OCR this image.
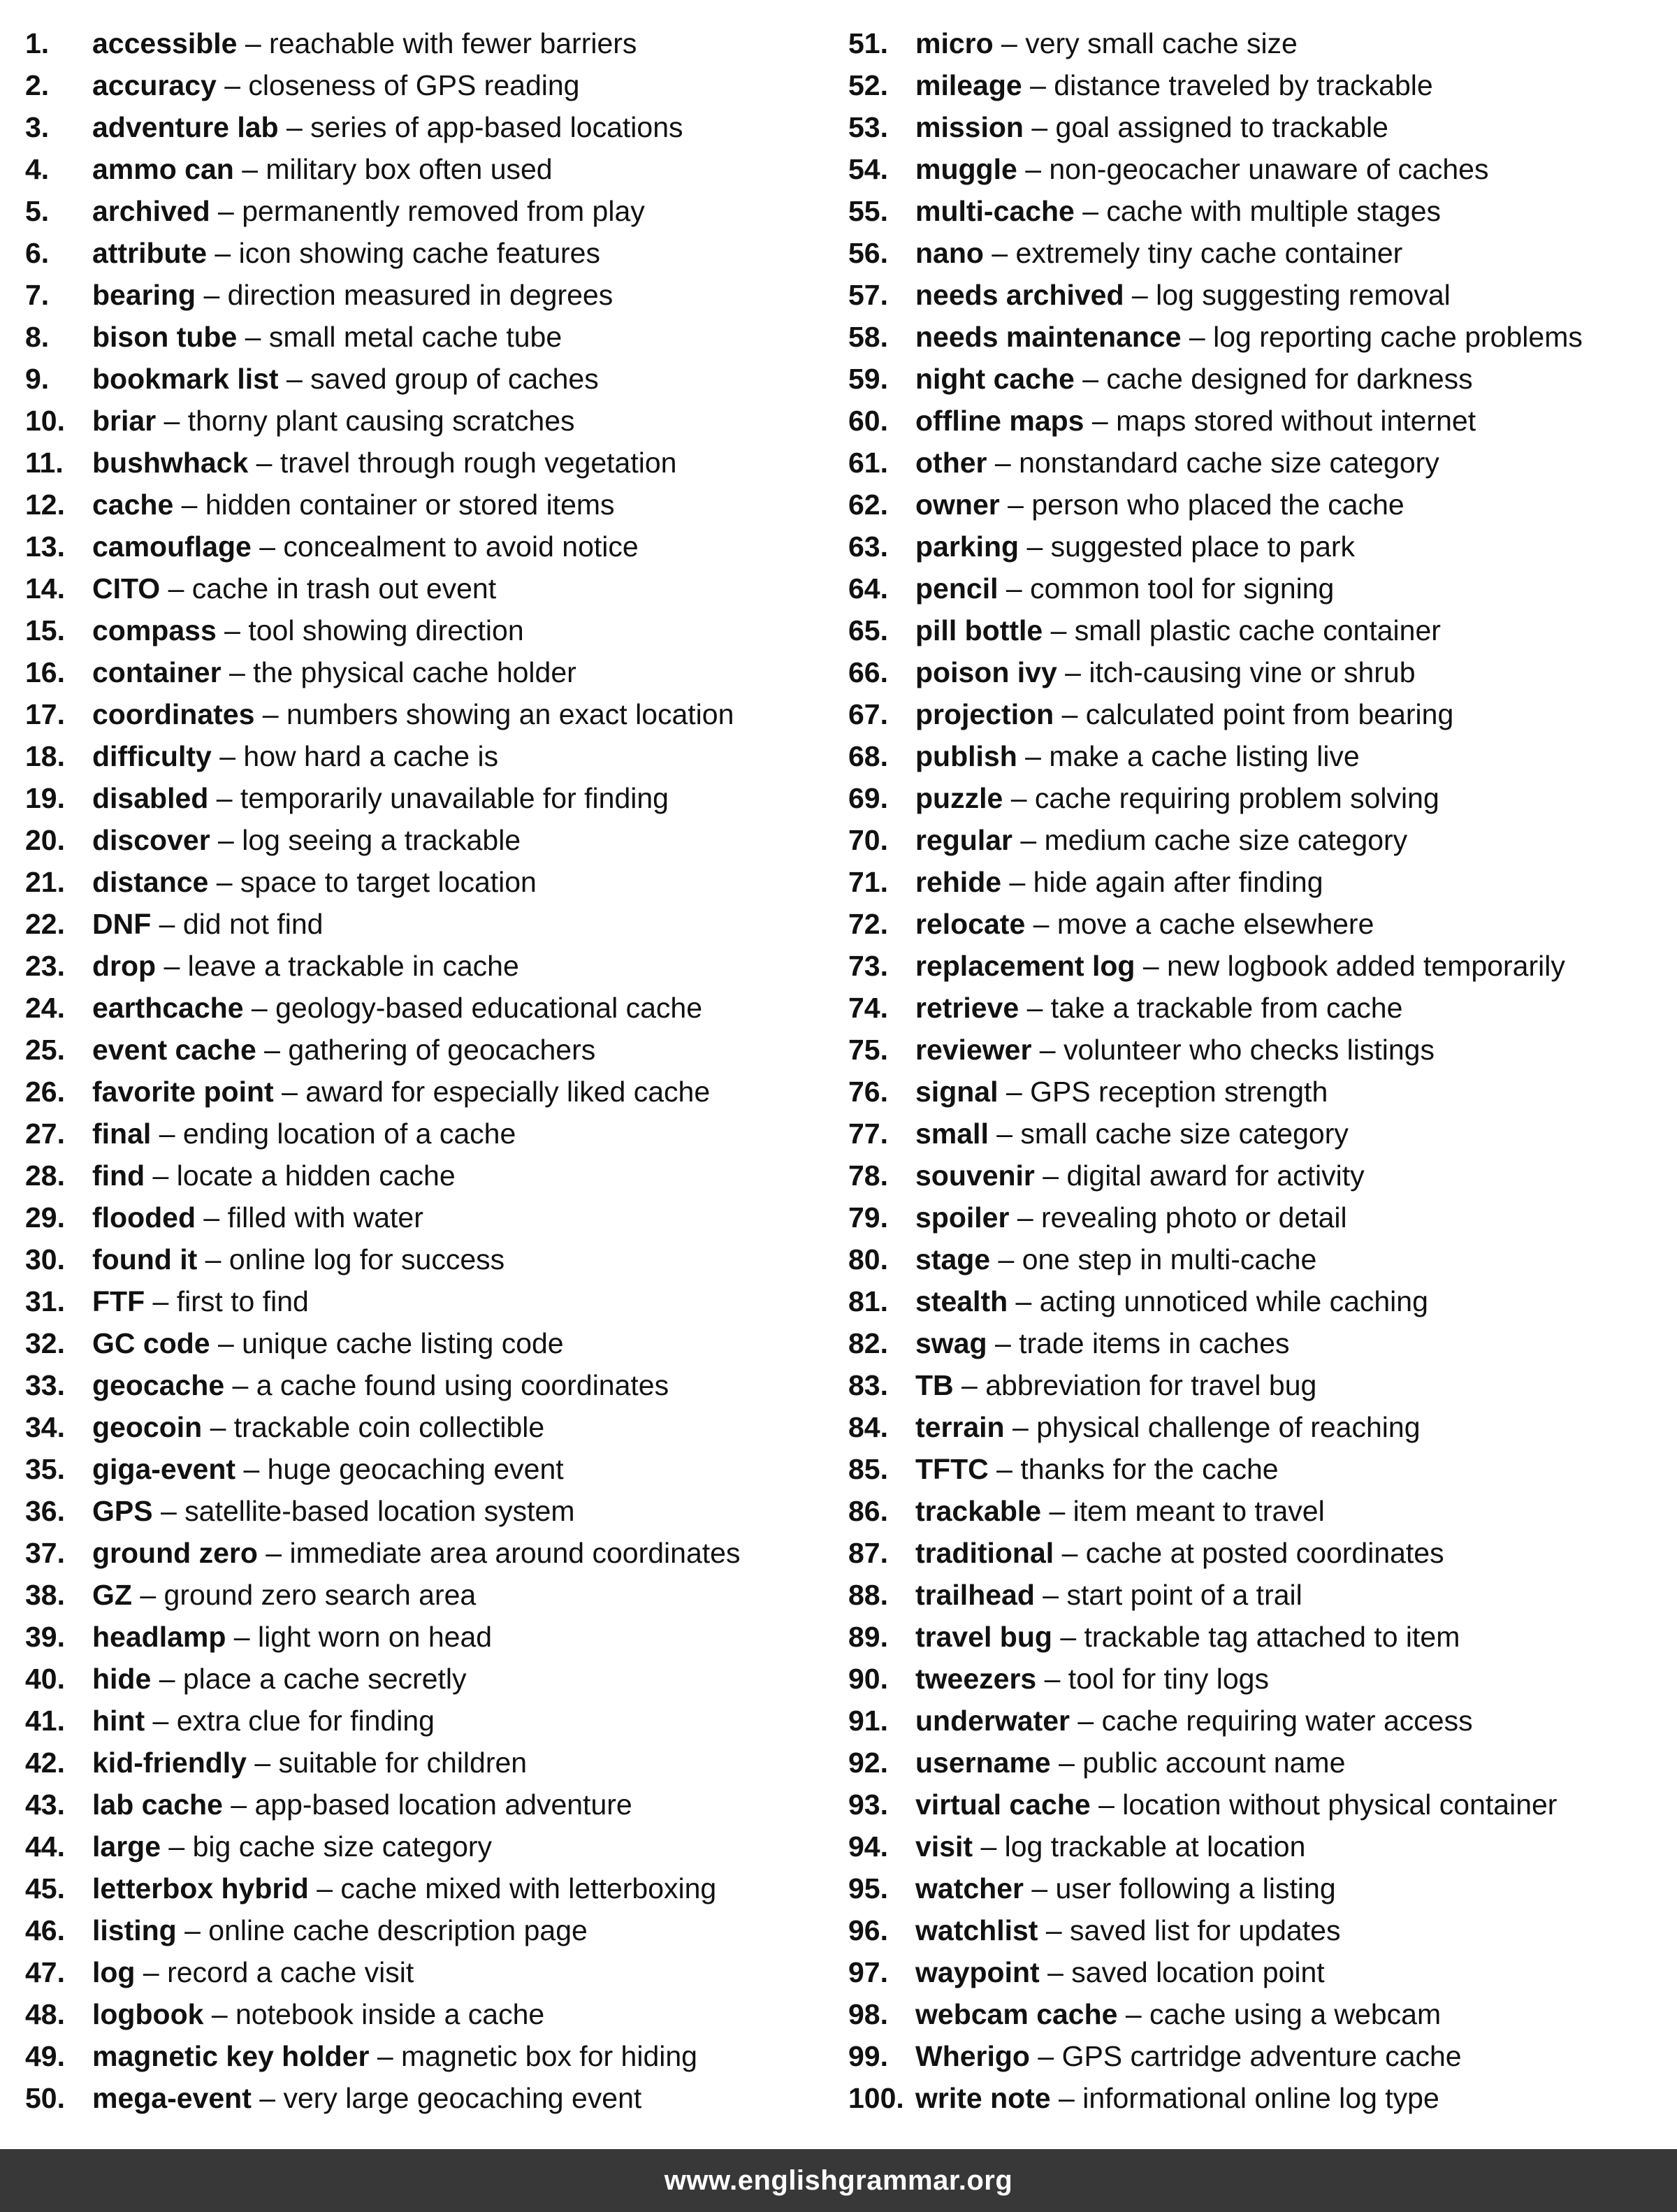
1. accessible – reachable with fewer barriers
2. accuracy – closeness of GPS reading
3. adventure lab – series of app-based locations
4. ammo can – military box often used
5. archived – permanently removed from play
6. attribute – icon showing cache features
7. bearing – direction measured in degrees
8. bison tube – small metal cache tube
9. bookmark list – saved group of caches
10. briar – thorny plant causing scratches
11. bushwhack – travel through rough vegetation
12. cache – hidden container or stored items
13. camouflage – concealment to avoid notice
14. CITO – cache in trash out event
15. compass – tool showing direction
16. container – the physical cache holder
17. coordinates – numbers showing an exact location
18. difficulty – how hard a cache is
19. disabled – temporarily unavailable for finding
20. discover – log seeing a trackable
21. distance – space to target location
22. DNF – did not find
23. drop – leave a trackable in cache
24. earthcache – geology-based educational cache
25. event cache – gathering of geocachers
26. favorite point – award for especially liked cache
27. final – ending location of a cache
28. find – locate a hidden cache
29. flooded – filled with water
30. found it – online log for success
31. FTF – first to find
32. GC code – unique cache listing code
33. geocache – a cache found using coordinates
34. geocoin – trackable coin collectible
35. giga-event – huge geocaching event
36. GPS – satellite-based location system
37. ground zero – immediate area around coordinates
38. GZ – ground zero search area
39. headlamp – light worn on head
40. hide – place a cache secretly
41. hint – extra clue for finding
42. kid-friendly – suitable for children
43. lab cache – app-based location adventure
44. large – big cache size category
45. letterbox hybrid – cache mixed with letterboxing
46. listing – online cache description page
47. log – record a cache visit
48. logbook – notebook inside a cache
49. magnetic key holder – magnetic box for hiding
50. mega-event – very large geocaching event
51. micro – very small cache size
52. mileage – distance traveled by trackable
53. mission – goal assigned to trackable
54. muggle – non-geocacher unaware of caches
55. multi-cache – cache with multiple stages
56. nano – extremely tiny cache container
57. needs archived – log suggesting removal
58. needs maintenance – log reporting cache problems
59. night cache – cache designed for darkness
60. offline maps – maps stored without internet
61. other – nonstandard cache size category
62. owner – person who placed the cache
63. parking – suggested place to park
64. pencil – common tool for signing
65. pill bottle – small plastic cache container
66. poison ivy – itch-causing vine or shrub
67. projection – calculated point from bearing
68. publish – make a cache listing live
69. puzzle – cache requiring problem solving
70. regular – medium cache size category
71. rehide – hide again after finding
72. relocate – move a cache elsewhere
73. replacement log – new logbook added temporarily
74. retrieve – take a trackable from cache
75. reviewer – volunteer who checks listings
76. signal – GPS reception strength
77. small – small cache size category
78. souvenir – digital award for activity
79. spoiler – revealing photo or detail
80. stage – one step in multi-cache
81. stealth – acting unnoticed while caching
82. swag – trade items in caches
83. TB – abbreviation for travel bug
84. terrain – physical challenge of reaching
85. TFTC – thanks for the cache
86. trackable – item meant to travel
87. traditional – cache at posted coordinates
88. trailhead – start point of a trail
89. travel bug – trackable tag attached to item
90. tweezers – tool for tiny logs
91. underwater – cache requiring water access
92. username – public account name
93. virtual cache – location without physical container
94. visit – log trackable at location
95. watcher – user following a listing
96. watchlist – saved list for updates
97. waypoint – saved location point
98. webcam cache – cache using a webcam
99. Wherigo – GPS cartridge adventure cache
100. write note – informational online log type
www.englishgrammar.org
